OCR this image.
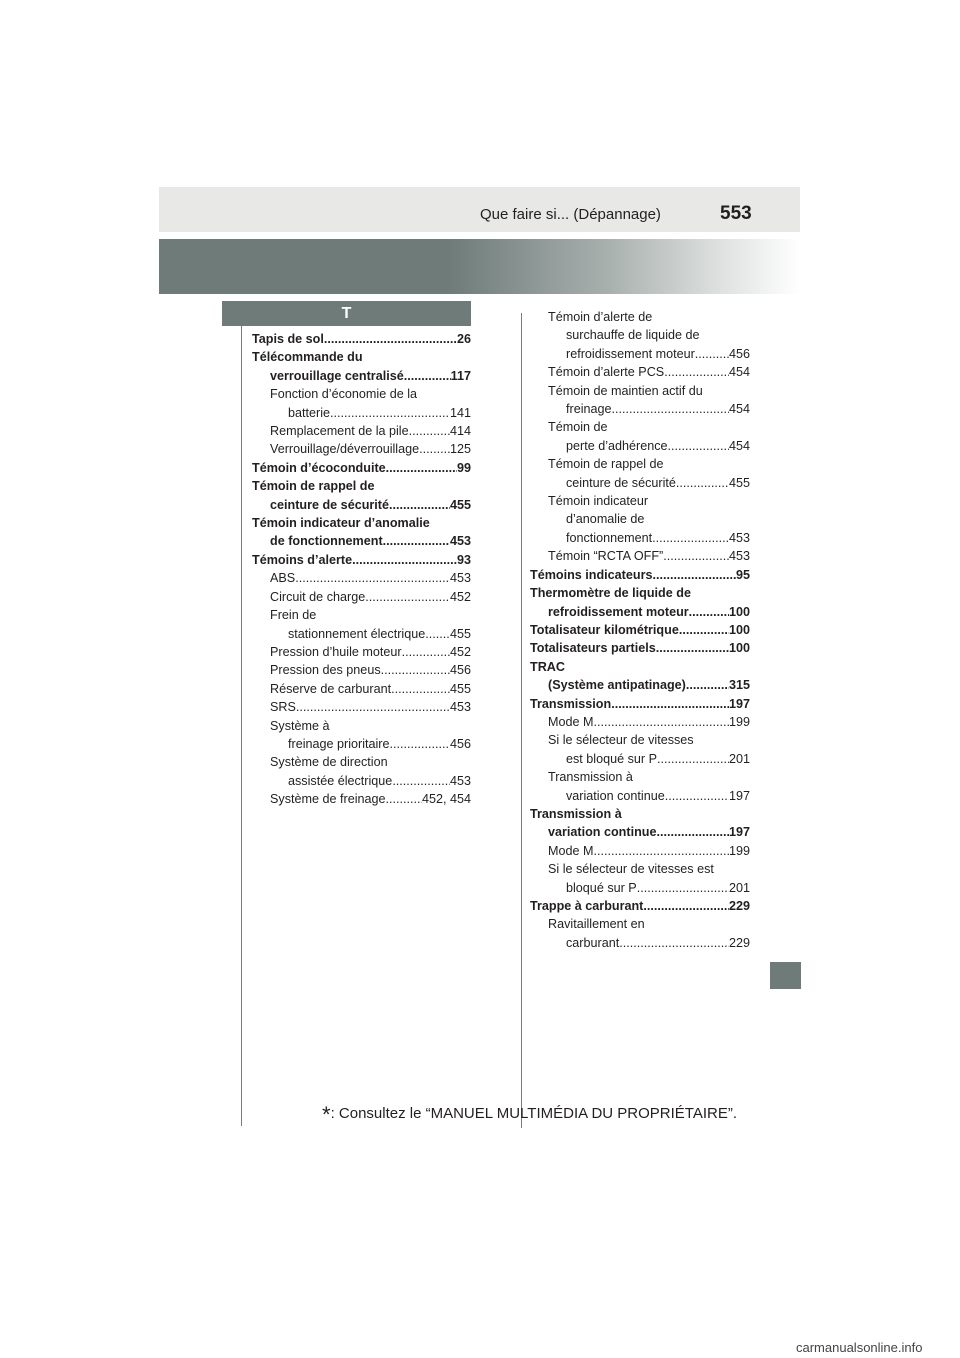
Que faire si... (Dépannage)	553
T
Tapis de sol .....	26
Télécommande du
verrouillage centralisé .....	117
Fonction d’économie de la
batterie .....	141
Remplacement de la pile .....	414
Verrouillage/déverrouillage ..... 125
Témoin d’écoconduite .....	99
Témoin de rappel de
ceinture de sécurité .....	455
Témoin indicateur d’anomalie
de fonctionnement .....	453
Témoins d’alerte .....	93
ABS .....	453
Circuit de charge .....	452
Frein de
stationnement électrique ..... 455
Pression d’huile moteur .....	452
Pression des pneus .....	456
Réserve de carburant .....	455
SRS .....	453
Système à
freinage prioritaire .....	456
Système de direction
assistée électrique .....	453
Système de freinage .....	452, 454
Témoin d’alerte de
surchauffe de liquide de
refroidissement moteur .....	456
Témoin d’alerte PCS .....	454
Témoin de maintien actif du
freinage .....	454
Témoin de
perte d’adhérence .....	454
Témoin de rappel de
ceinture de sécurité .....	455
Témoin indicateur
d’anomalie de
fonctionnement .....	453
Témoin “RCTA OFF” .....	453
Témoins indicateurs .....	95
Thermomètre de liquide de
refroidissement moteur .....	100
Totalisateur kilométrique .....	100
Totalisateurs partiels .....	100
TRAC
(Système antipatinage) .....	315
Transmission .....	197
Mode M .....	199
Si le sélecteur de vitesses
est bloqué sur P .....	201
Transmission à
variation continue .....	197
Transmission à
variation continue .....	197
Mode M .....	199
Si le sélecteur de vitesses est
bloqué sur P .....	201
Trappe à carburant .....	229
Ravitaillement en
carburant .....	229
*: Consultez le “MANUEL MULTIMÉDIA DU PROPRIÉTAIRE”.
carmanualsonline.info
